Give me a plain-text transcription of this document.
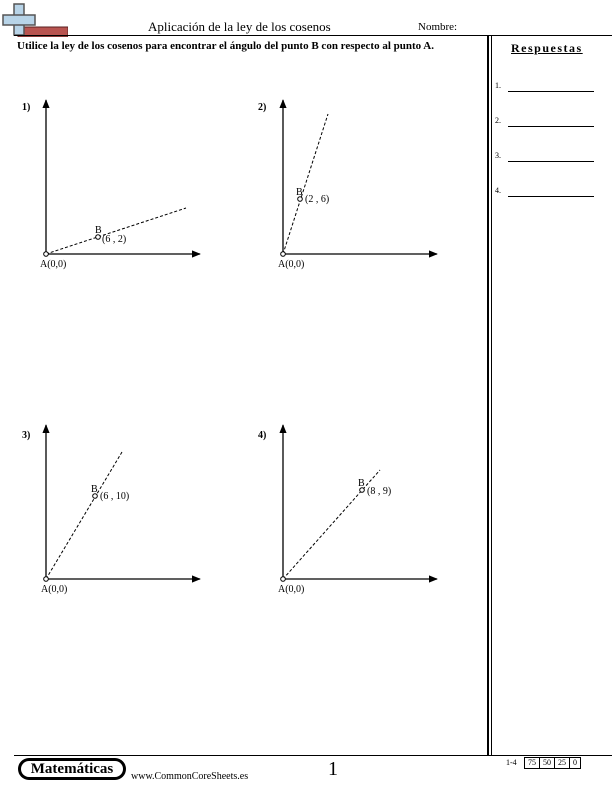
Aplicación de la ley de los cosenos	Nombre:
Utilice la ley de los cosenos para encontrar el ángulo del punto B con respecto al punto A.	Respuestas
1.
2.
3.
4.
1)
A(0,0)
B
(6 , 2)
2)
A(0,0)
B
(2 , 6)
3)
A(0,0)
B
(6 , 10)
4)
A(0,0)
B
(8 , 9)
Matemáticas	www.CommonCoreSheets.es	1	1-4 75	50	25	0
